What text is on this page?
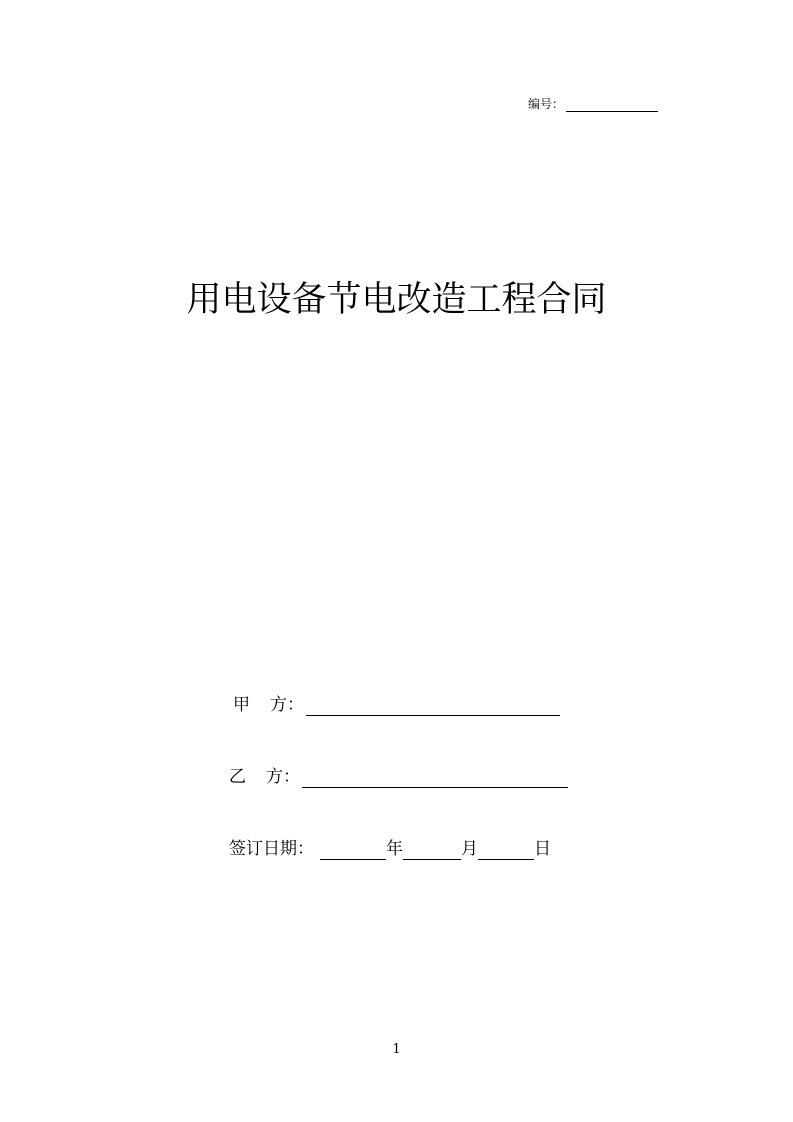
编号：
用电设备节电改造工程合同
甲 方：
乙 方：
签订日期：	年	月	日
1
